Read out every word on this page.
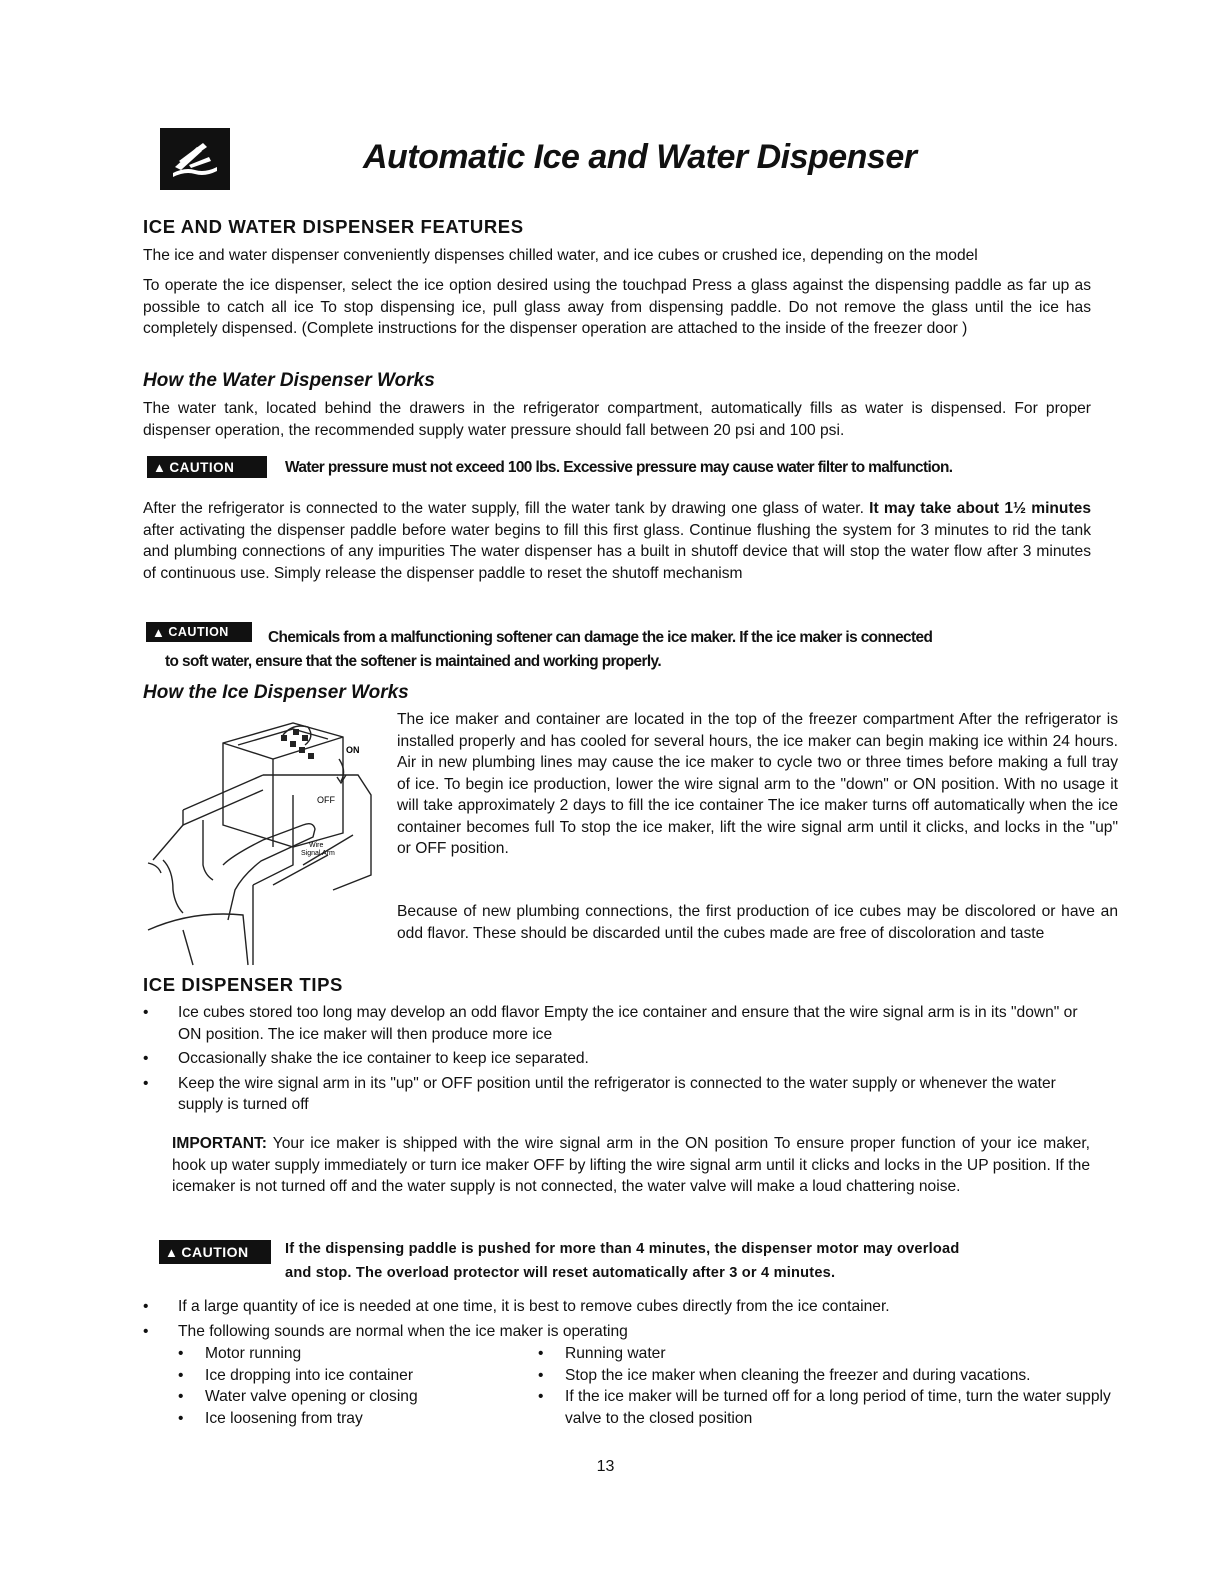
Automatic Ice and Water Dispenser
ICE AND WATER DISPENSER FEATURES

The ice and water dispenser conveniently dispenses chilled water, and ice cubes or crushed ice, depending on the model

To operate the ice dispenser, select the ice option desired using the touchpad Press a glass against the dispensing paddle as far up as possible to catch all ice To stop dispensing ice, pull glass away from dispensing paddle. Do not remove the glass until the ice has completely dispensed. (Complete instructions for the dispenser operation are attached to the inside of the freezer door )

How the Water Dispenser Works

The water tank, located behind the drawers in the refrigerator compartment, automatically fills as water is dispensed. For proper dispenser operation, the recommended supply water pressure should fall between 20 psi and 100 psi.

▲ CAUTION	Water pressure must not exceed 100 lbs. Excessive pressure may cause water filter to malfunction.

After the refrigerator is connected to the water supply, fill the water tank by drawing one glass of water. It may take about 1½ minutes after activating the dispenser paddle before water begins to fill this first glass. Continue flushing the system for 3 minutes to rid the tank and plumbing connections of any impurities The water dispenser has a built in shutoff device that will stop the water flow after 3 minutes of continuous use. Simply release the dispenser paddle to reset the shutoff mechanism

▲ CAUTION	Chemicals from a malfunctioning softener can damage the ice maker. If the ice maker is connected

to soft water, ensure that the softener is maintained and working properly.

How the Ice Dispenser Works
ON
OFF
Wire
Signal Arm

The ice maker and container are located in the top of the freezer compartment After the refrigerator is installed properly and has cooled for several hours, the ice maker can begin making ice within 24 hours. Air in new plumbing lines may cause the ice maker to cycle two or three times before making a full tray of ice. To begin ice production, lower the wire signal arm to the "down" or ON position. With no usage it will take approximately 2 days to fill the ice container The ice maker turns off automatically when the ice container becomes full To stop the ice maker, lift the wire signal arm until it clicks, and locks in the "up" or OFF position.

Because of new plumbing connections, the first production of ice cubes may be discolored or have an odd flavor. These should be discarded until the cubes made are free of discoloration and taste

ICE DISPENSER TIPS
• Ice cubes stored too long may develop an odd flavor Empty the ice container and ensure that the wire signal arm is in its "down" or ON position. The ice maker will then produce more ice
• Occasionally shake the ice container to keep ice separated.
• Keep the wire signal arm in its "up" or OFF position until the refrigerator is connected to the water supply or whenever the water supply is turned off

IMPORTANT: Your ice maker is shipped with the wire signal arm in the ON position To ensure proper function of your ice maker, hook up water supply immediately or turn ice maker OFF by lifting the wire signal arm until it clicks and locks in the UP position. If the icemaker is not turned off and the water supply is not connected, the water valve will make a loud chattering noise.

▲ CAUTION If the dispensing paddle is pushed for more than 4 minutes, the dispenser motor may overload

and stop. The overload protector will reset automatically after 3 or 4 minutes.

• If a large quantity of ice is needed at one time, it is best to remove cubes directly from the ice container.
• The following sounds are normal when the ice maker is operating
• Motor running
• Ice dropping into ice container
• Water valve opening or closing
• Ice loosening from tray
• Running water
• Stop the ice maker when cleaning the freezer and during vacations.
• If the ice maker will be turned off for a long period of time, turn the water supply valve to the closed position

13
